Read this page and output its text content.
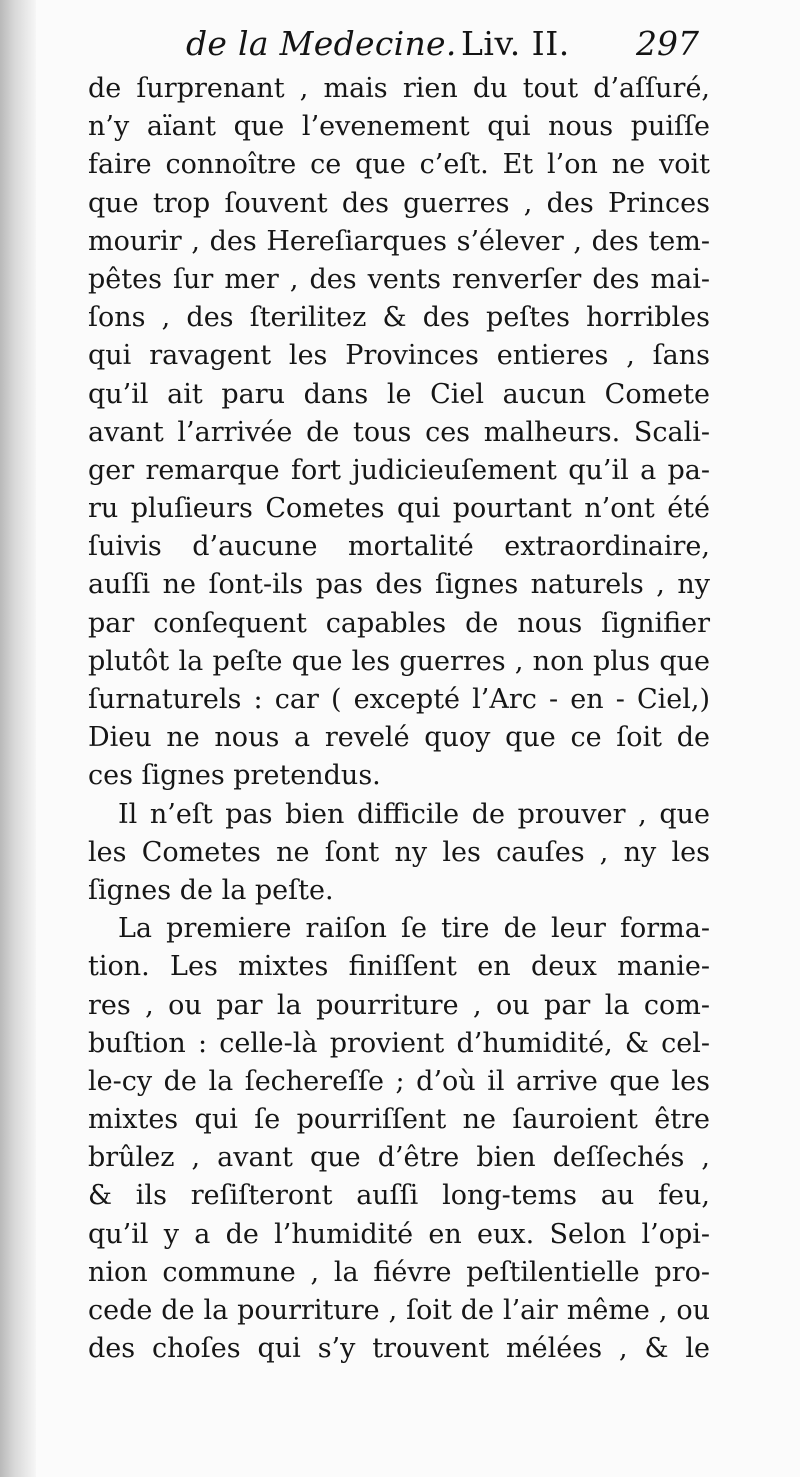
de la Medecine. Liv. II. 297
de ſurprenant , mais rien du tout d’aſſuré,
n’y aïant que l’evenement qui nous puiſſe
faire connoître ce que c’eſt. Et l’on ne voit
que trop ſouvent des guerres , des Princes
mourir , des Hereſiarques s’élever , des tem-
pêtes ſur mer , des vents renverſer des mai-
ſons , des ſterilitez & des peſtes horribles
qui ravagent les Provinces entieres , ſans
qu’il ait paru dans le Ciel aucun Comete
avant l’arrivée de tous ces malheurs. Scali-
ger remarque fort judicieuſement qu’il a pa-
ru pluſieurs Cometes qui pourtant n’ont été
ſuivis d’aucune mortalité extraordinaire,
auſſi ne ſont-ils pas des ſignes naturels , ny
par conſequent capables de nous ſignifier
plutôt la peſte que les guerres , non plus que
ſurnaturels : car ( excepté l’Arc - en - Ciel,)
Dieu ne nous a revelé quoy que ce ſoit de
ces ſignes pretendus.
Il n’eſt pas bien difficile de prouver , que
les Cometes ne ſont ny les cauſes , ny les
ſignes de la peſte.
La premiere raiſon ſe tire de leur forma-
tion. Les mixtes finiſſent en deux manie-
res , ou par la pourriture , ou par la com-
buſtion : celle-là provient d’humidité, & cel-
le-cy de la ſechereſſe ; d’où il arrive que les
mixtes qui ſe pourriſſent ne ſauroient être
brûlez , avant que d’être bien deſſechés ,
& ils reſiſteront auſſi long-tems au feu,
qu’il y a de l’humidité en eux. Selon l’opi-
nion commune , la fiévre peſtilentielle pro-
cede de la pourriture , ſoit de l’air même , ou
des choſes qui s’y trouvent mélées , & le
